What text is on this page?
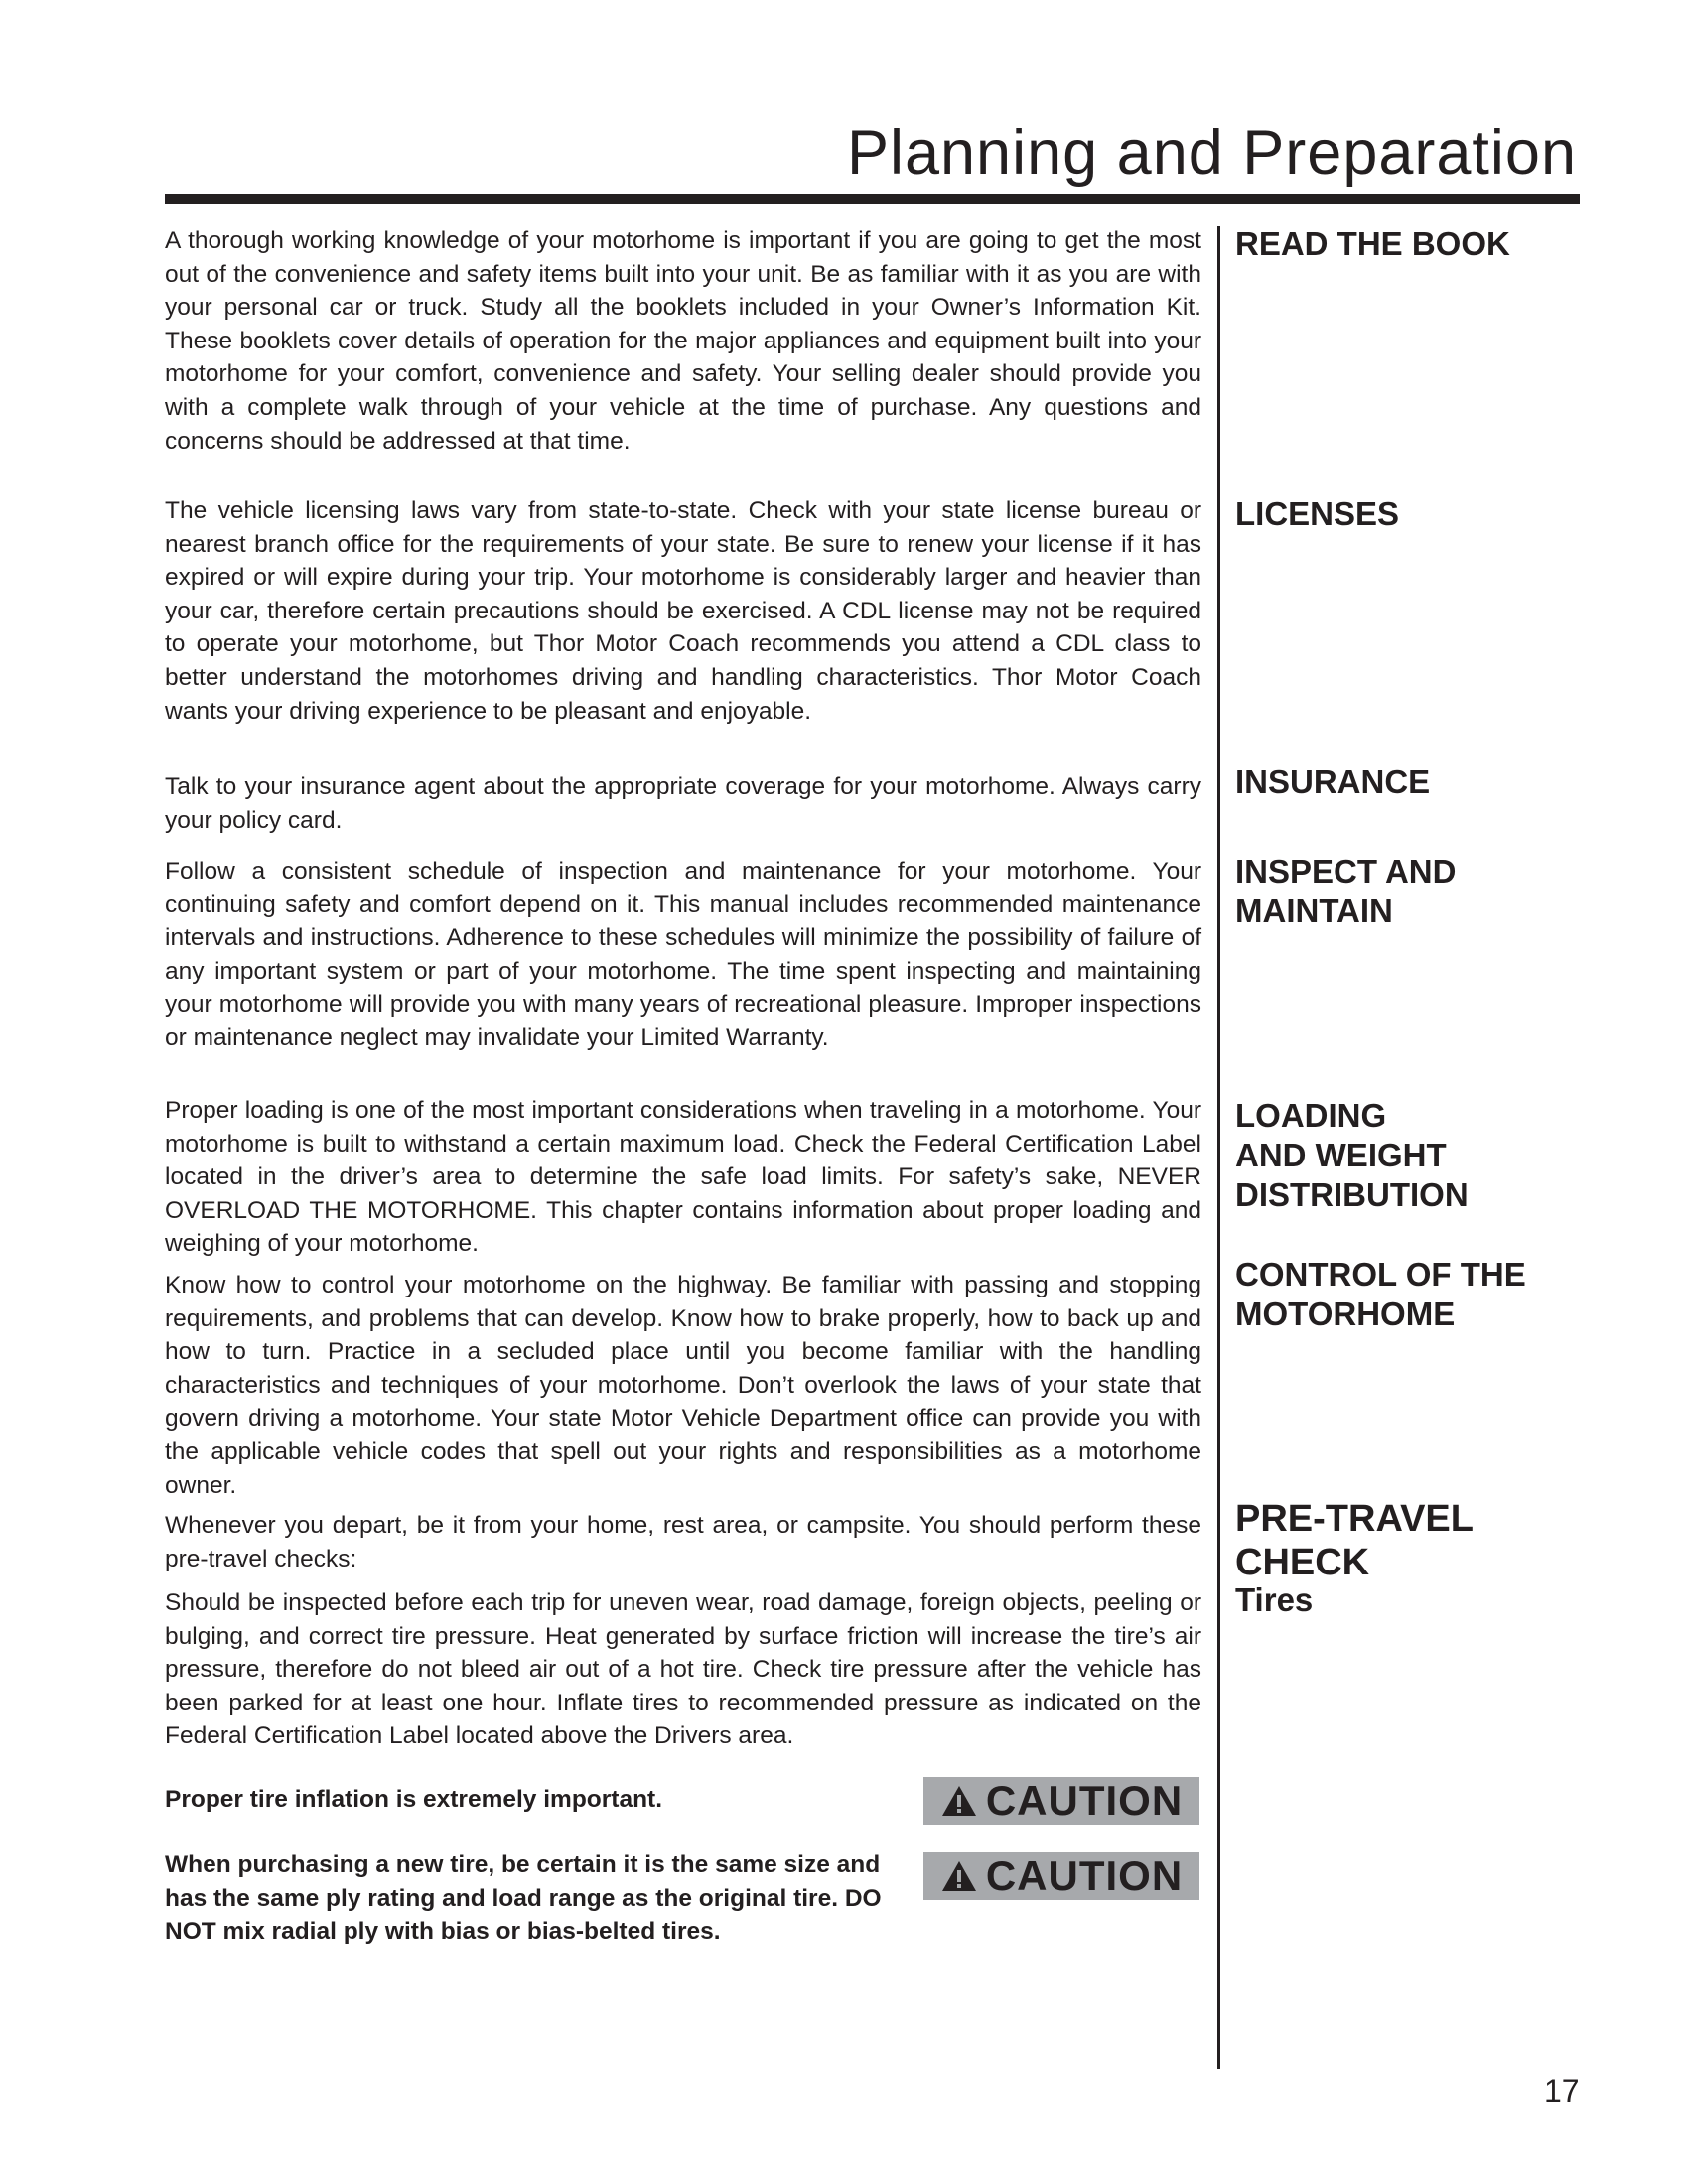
Planning and Preparation

A thorough working knowledge of your motorhome is important if you are going to get the most out of the convenience and safety items built into your unit. Be as familiar with it as you are with your personal car or truck. Study all the booklets included in your Owner’s Information Kit. These booklets cover details of operation for the major appliances and equipment built into your motorhome for your comfort, convenience and safety. Your selling dealer should provide you with a complete walk through of your vehicle at the time of purchase. Any questions and concerns should be addressed at that time.

READ THE BOOK

The vehicle licensing laws vary from state-to-state. Check with your state license bureau or nearest branch office for the requirements of your state. Be sure to renew your license if it has expired or will expire during your trip. Your motorhome is considerably larger and heavier than your car, therefore certain precautions should be exercised. A CDL license may not be required to operate your motorhome, but Thor Motor Coach recommends you attend a CDL class to better understand the motorhomes driving and handling characteristics. Thor Motor Coach wants your driving experience to be pleasant and enjoyable.

LICENSES

Talk to your insurance agent about the appropriate coverage for your motorhome. Always carry your policy card.

INSURANCE

Follow a consistent schedule of inspection and maintenance for your motorhome. Your continuing safety and comfort depend on it. This manual includes recommended maintenance intervals and instructions. Adherence to these schedules will minimize the possibility of failure of any important system or part of your motorhome. The time spent inspecting and maintaining your motorhome will provide you with many years of recreational pleasure. Improper inspections or maintenance neglect may invalidate your Limited Warranty.

INSPECT AND
MAINTAIN

Proper loading is one of the most important considerations when traveling in a motorhome. Your motorhome is built to withstand a certain maximum load. Check the Federal Certification Label located in the driver’s area to determine the safe load limits. For safety’s sake, NEVER OVERLOAD THE MOTORHOME. This chapter contains information about proper loading and weighing of your motorhome.

LOADING
AND WEIGHT
DISTRIBUTION

Know how to control your motorhome on the highway. Be familiar with passing and stopping requirements, and problems that can develop. Know how to brake properly, how to back up and how to turn. Practice in a secluded place until you become familiar with the handling characteristics and techniques of your motorhome. Don’t overlook the laws of your state that govern driving a motorhome. Your state Motor Vehicle Department office can provide you with the applicable vehicle codes that spell out your rights and responsibilities as a motorhome owner.

CONTROL OF THE
MOTORHOME

Whenever you depart, be it from your home, rest area, or campsite. You should perform these pre-travel checks:

PRE-TRAVEL
CHECK
Tires

Should be inspected before each trip for uneven wear, road damage, foreign objects, peeling or bulging, and correct tire pressure. Heat generated by surface friction will increase the tire’s air pressure, therefore do not bleed air out of a hot tire. Check tire pressure after the vehicle has been parked for at least one hour. Inflate tires to recommended pressure as indicated on the Federal Certification Label located above the Drivers area.

Proper tire inflation is extremely important.	CAUTION

When purchasing a new tire, be certain it is the same size and has the same ply rating and load range as the original tire. DO NOT mix radial ply with bias or bias-belted tires.

CAUTION
17
